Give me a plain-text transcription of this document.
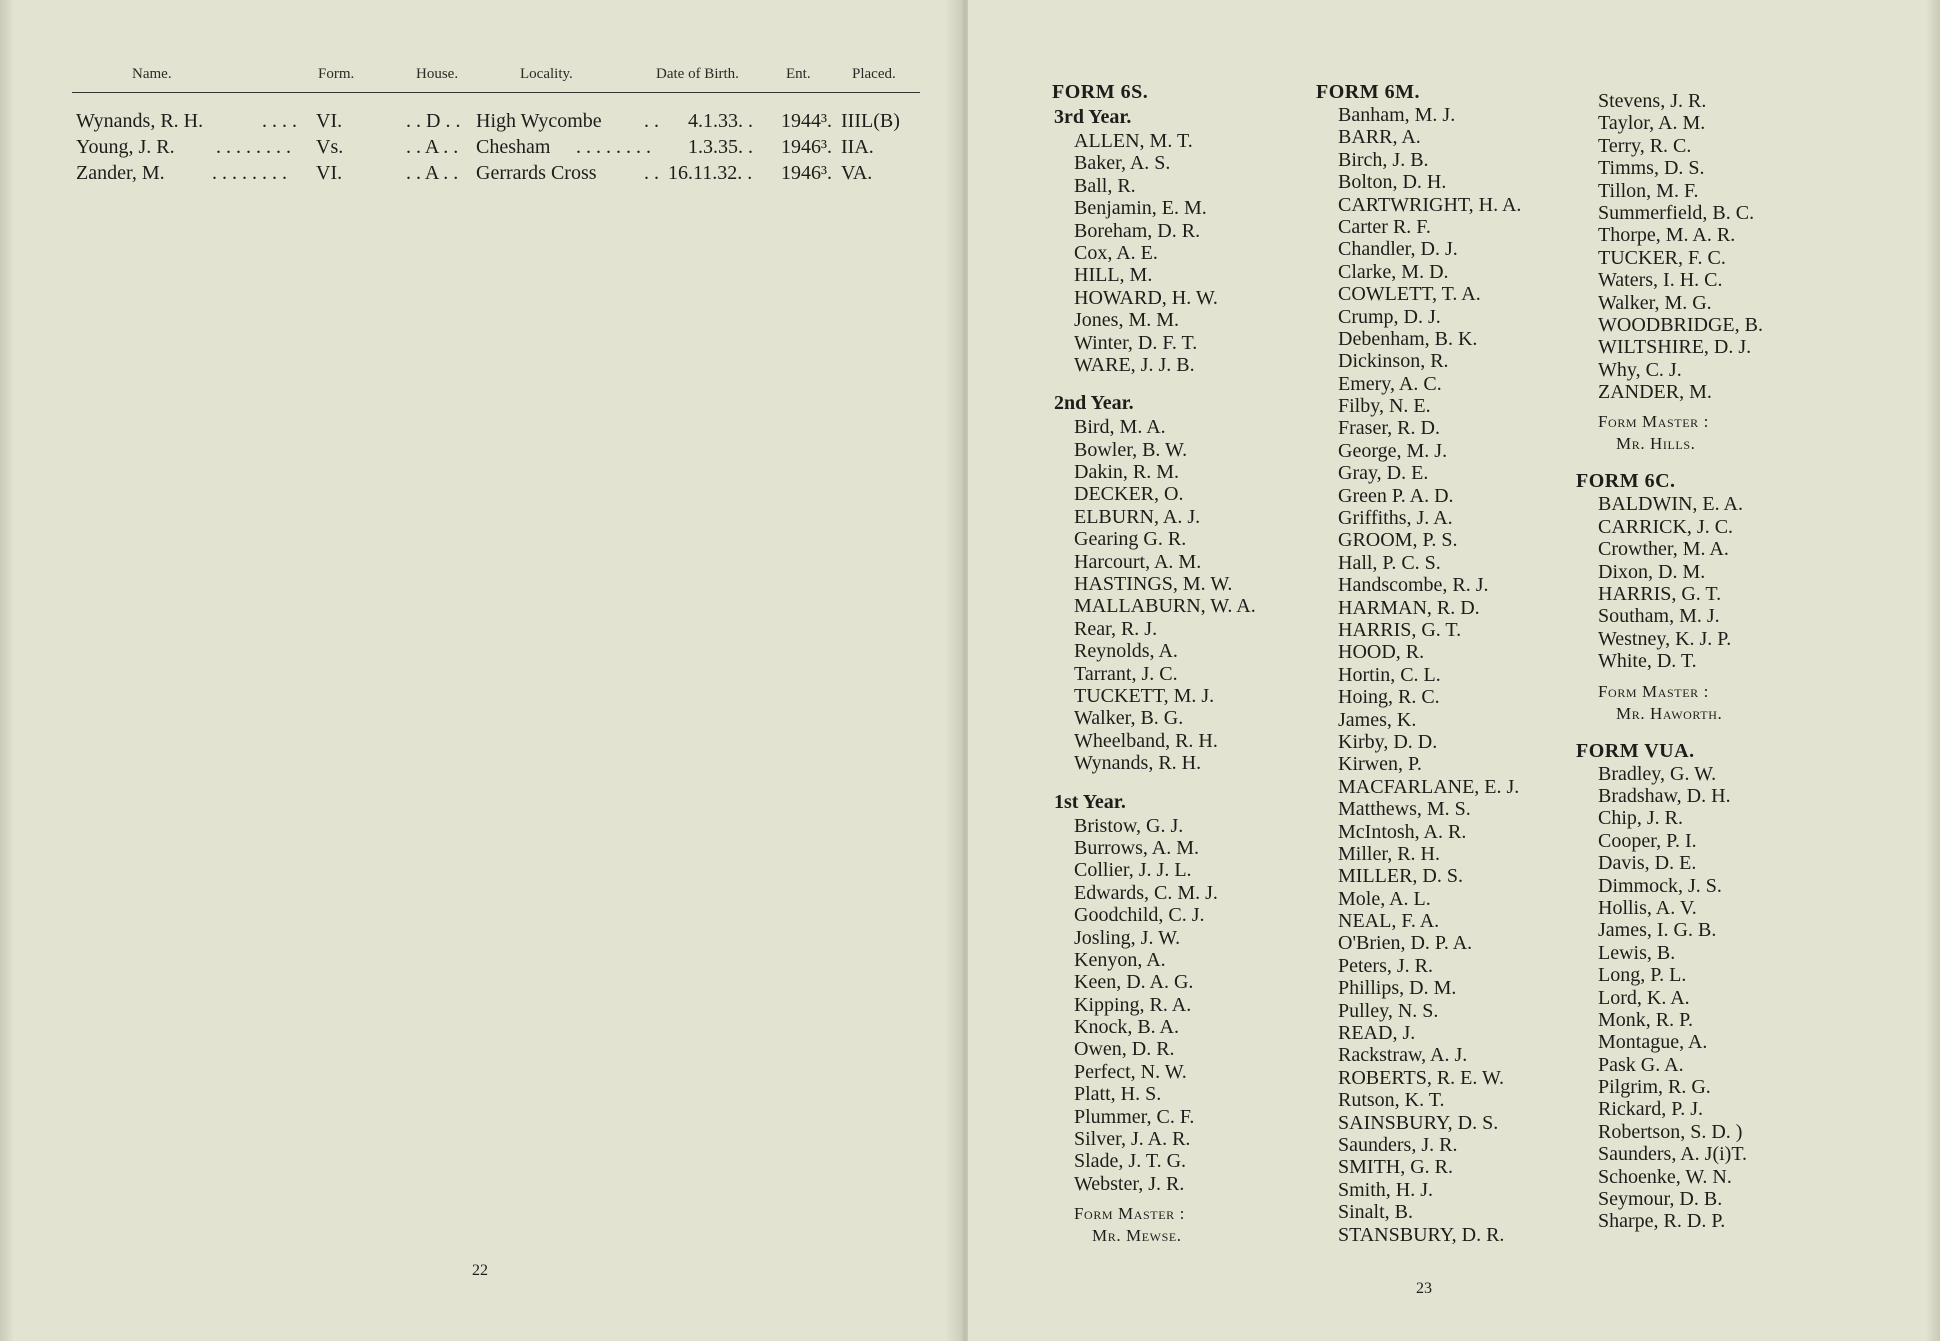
Name.	Form.	House.	Locality.	Date of Birth.	Ent.	Placed.
Wynands, R. H.	. . . . VI.	. . D . . High Wycombe . . 4.1.33. . 1944³. IIIL(B)
Young, J. R. . . . . . . . . Vs.	. . A . . Chesham . . . . . . . . 1.3.35. . 1946³. IIA.
Zander, M. . . . . . . . . VI.	. . A . . Gerrards Cross . . 16.11.32. . 1946³. VA.
22
FORM 6S.
3rd Year.
ALLEN, M. T.
Baker, A. S.
Ball, R.
Benjamin, E. M.
Boreham, D. R.
Cox, A. E.
HILL, M.
HOWARD, H. W.
Jones, M. M.
Winter, D. F. T.
WARE, J. J. B.
2nd Year.
Bird, M. A.
Bowler, B. W.
Dakin, R. M.
DECKER, O.
ELBURN, A. J.
Gearing G. R.
Harcourt, A. M.
HASTINGS, M. W.
MALLABURN, W. A.
Rear, R. J.
Reynolds, A.
Tarrant, J. C.
TUCKETT, M. J.
Walker, B. G.
Wheelband, R. H.
Wynands, R. H.
1st Year.
Bristow, G. J.
Burrows, A. M.
Collier, J. J. L.
Edwards, C. M. J.
Goodchild, C. J.
Josling, J. W.
Kenyon, A.
Keen, D. A. G.
Kipping, R. A.
Knock, B. A.
Owen, D. R.
Perfect, N. W.
Platt, H. S.
Plummer, C. F.
Silver, J. A. R.
Slade, J. T. G.
Webster, J. R.
Form Master :
Mr. Mewse.
FORM 6M.
Banham, M. J.
BARR, A.
Birch, J. B.
Bolton, D. H.
CARTWRIGHT, H. A.
Carter R. F.
Chandler, D. J.
Clarke, M. D.
COWLETT, T. A.
Crump, D. J.
Debenham, B. K.
Dickinson, R.
Emery, A. C.
Filby, N. E.
Fraser, R. D.
George, M. J.
Gray, D. E.
Green P. A. D.
Griffiths, J. A.
GROOM, P. S.
Hall, P. C. S.
Handscombe, R. J.
HARMAN, R. D.
HARRIS, G. T.
HOOD, R.
Hortin, C. L.
Hoing, R. C.
James, K.
Kirby, D. D.
Kirwen, P.
MACFARLANE, E. J.
Matthews, M. S.
McIntosh, A. R.
Miller, R. H.
MILLER, D. S.
Mole, A. L.
NEAL, F. A.
O'Brien, D. P. A.
Peters, J. R.
Phillips, D. M.
Pulley, N. S.
READ, J.
Rackstraw, A. J.
ROBERTS, R. E. W.
Rutson, K. T.
SAINSBURY, D. S.
Saunders, J. R.
SMITH, G. R.
Smith, H. J.
Sinalt, B.
STANSBURY, D. R.
Stevens, J. R.
Taylor, A. M.
Terry, R. C.
Timms, D. S.
Tillon, M. F.
Summerfield, B. C.
Thorpe, M. A. R.
TUCKER, F. C.
Waters, I. H. C.
Walker, M. G.
WOODBRIDGE, B.
WILTSHIRE, D. J.
Why, C. J.
ZANDER, M.
Form Master :
Mr. Hills.
FORM 6C.
BALDWIN, E. A.
CARRICK, J. C.
Crowther, M. A.
Dixon, D. M.
HARRIS, G. T.
Southam, M. J.
Westney, K. J. P.
White, D. T.
Form Master :
Mr. Haworth.
FORM VUA.
Bradley, G. W.
Bradshaw, D. H.
Chip, J. R.
Cooper, P. I.
Davis, D. E.
Dimmock, J. S.
Hollis, A. V.
James, I. G. B.
Lewis, B.
Long, P. L.
Lord, K. A.
Monk, R. P.
Montague, A.
Pask G. A.
Pilgrim, R. G.
Rickard, P. J.
Robertson, S. D. )
Saunders, A. J(i)T.
Schoenke, W. N.
Seymour, D. B.
Sharpe, R. D. P.
23
